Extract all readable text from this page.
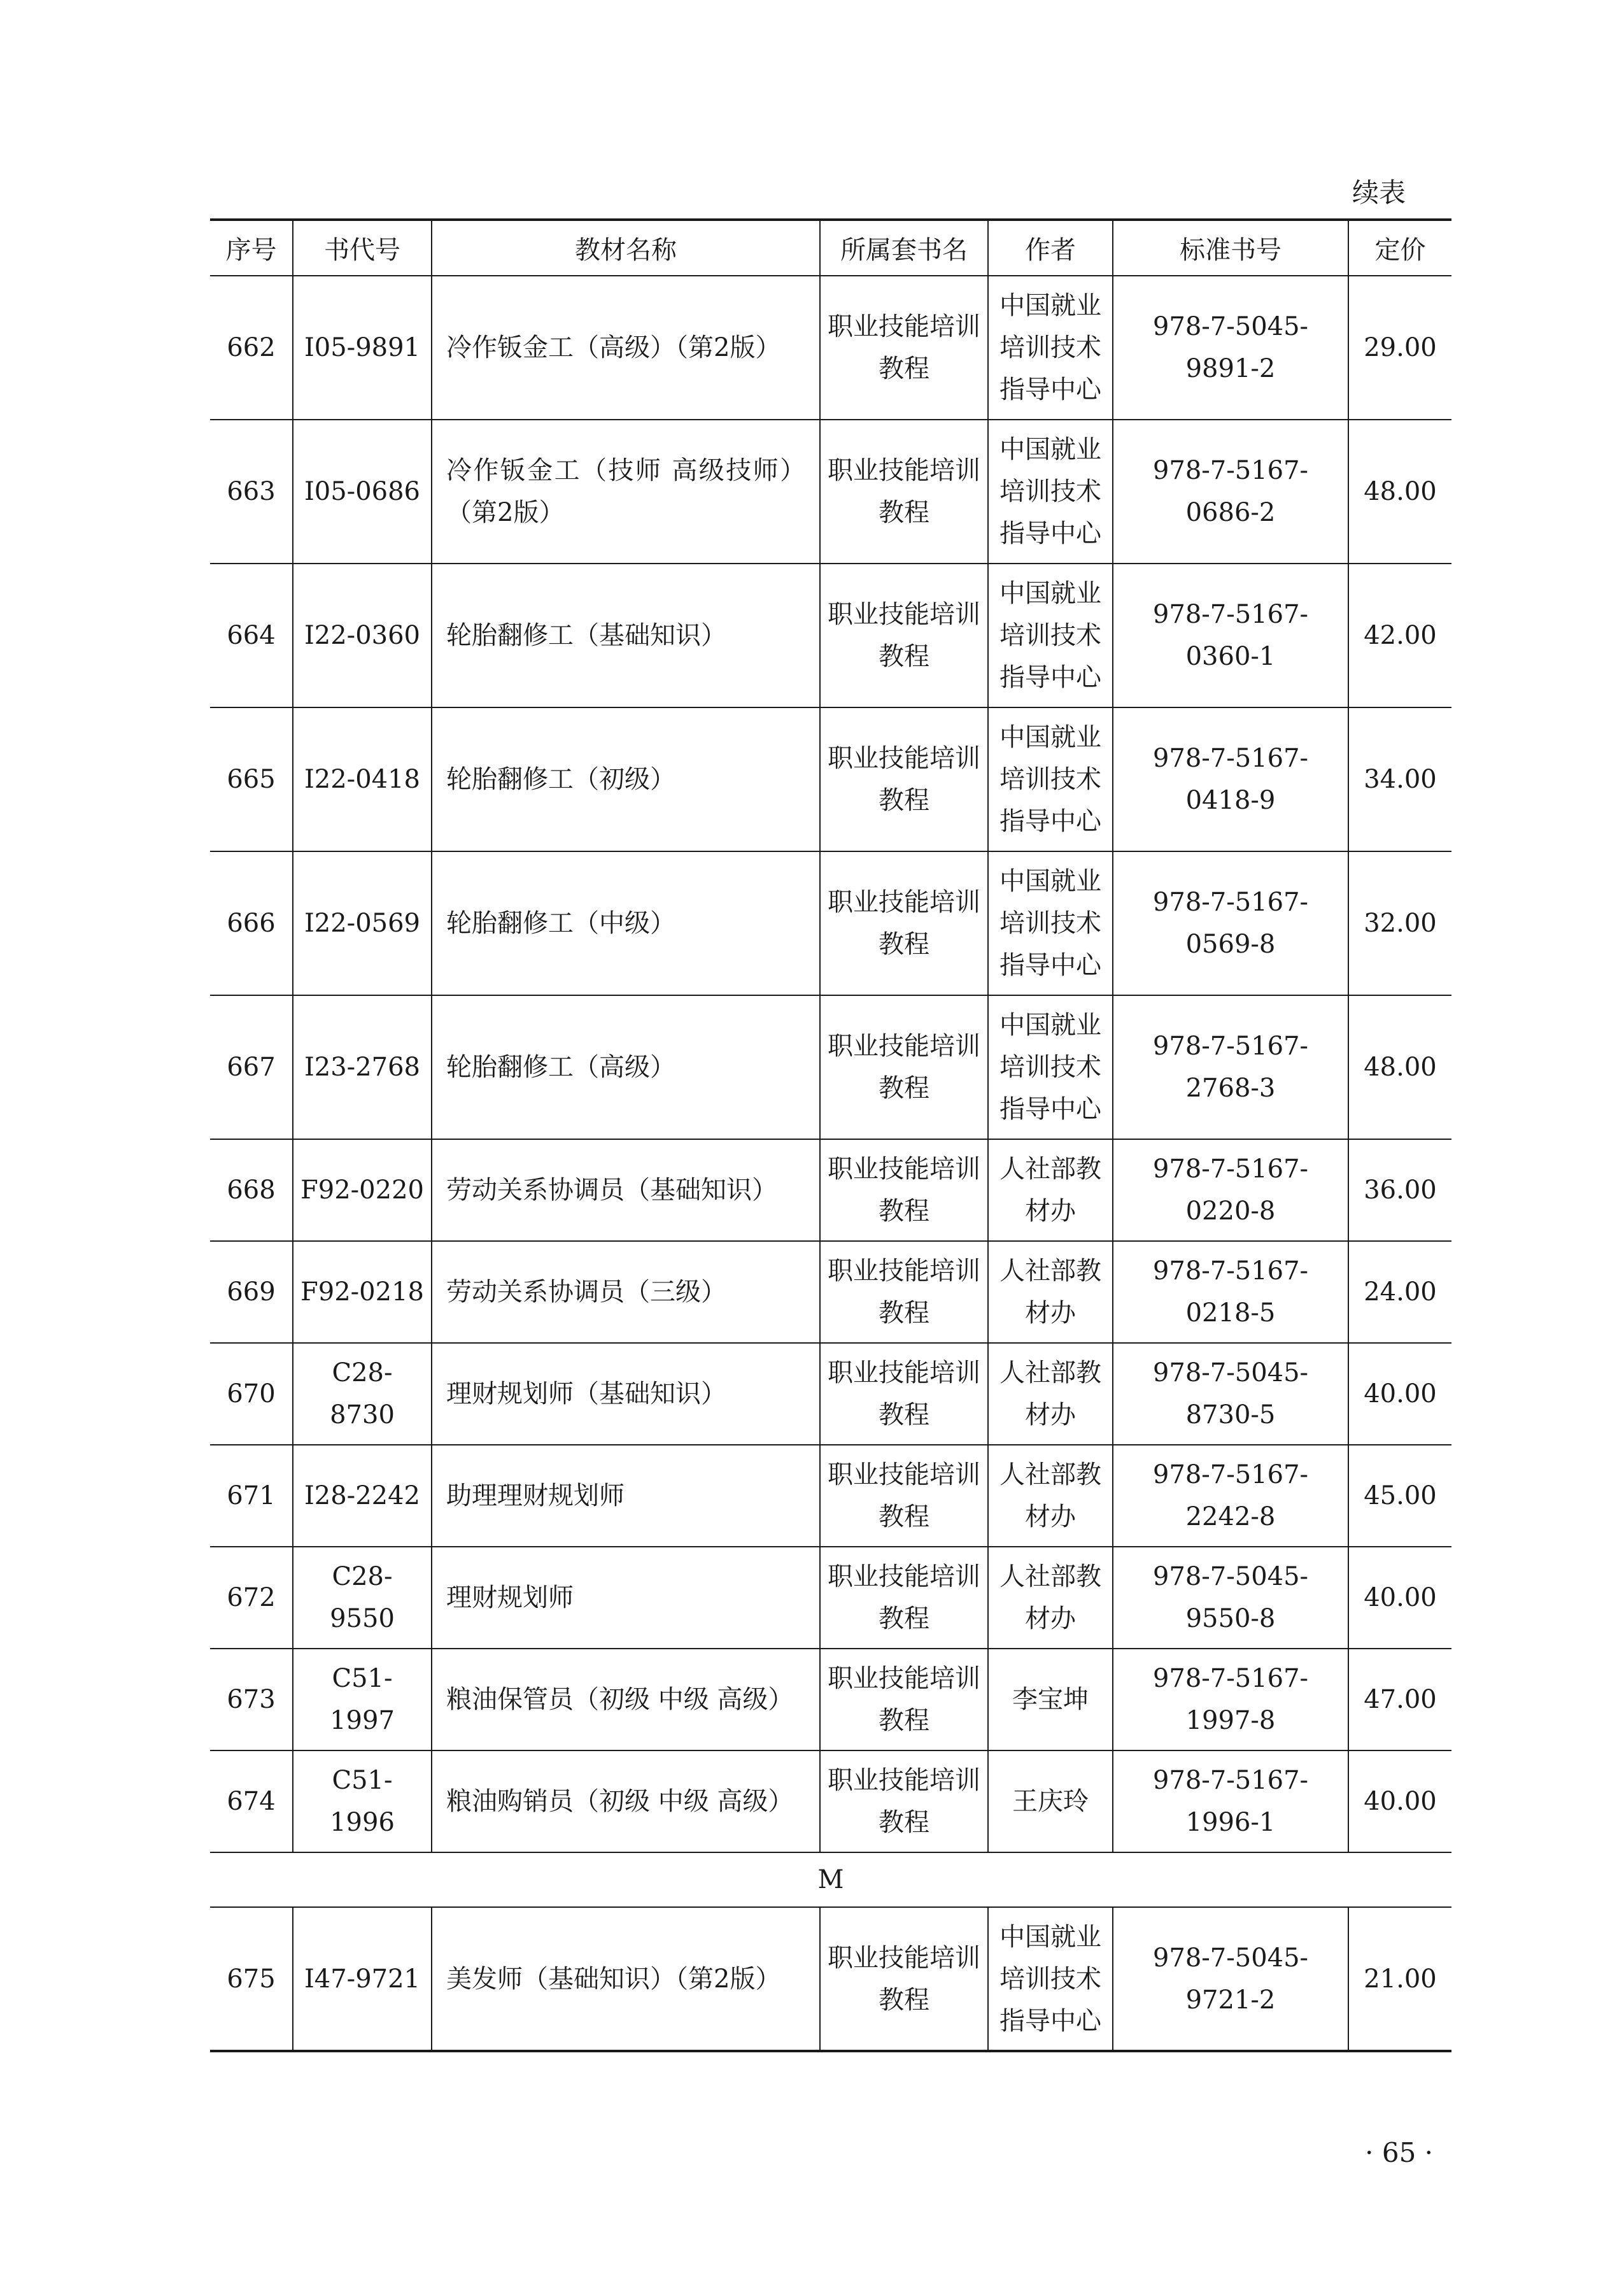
续表
序号	书代号	教材名称	所属套书名	作者	标准书号	定价
662	I05-9891	冷作钣金工（高级）（第2版）	职业技能培训教程	中国就业培训技术指导中心	978-7-5045-9891-2	29.00
663	I05-0686	冷作钣金工（技师 高级技师）（第2版）	职业技能培训教程	中国就业培训技术指导中心	978-7-5167-0686-2	48.00
664	I22-0360	轮胎翻修工（基础知识）	职业技能培训教程	中国就业培训技术指导中心	978-7-5167-0360-1	42.00
665	I22-0418	轮胎翻修工（初级）	职业技能培训教程	中国就业培训技术指导中心	978-7-5167-0418-9	34.00
666	I22-0569	轮胎翻修工（中级）	职业技能培训教程	中国就业培训技术指导中心	978-7-5167-0569-8	32.00
667	I23-2768	轮胎翻修工（高级）	职业技能培训教程	中国就业培训技术指导中心	978-7-5167-2768-3	48.00
668	F92-0220	劳动关系协调员（基础知识）	职业技能培训教程	人社部教材办	978-7-5167-0220-8	36.00
669	F92-0218	劳动关系协调员（三级）	职业技能培训教程	人社部教材办	978-7-5167-0218-5	24.00
670	C28-8730	理财规划师（基础知识）	职业技能培训教程	人社部教材办	978-7-5045-8730-5	40.00
671	I28-2242	助理理财规划师	职业技能培训教程	人社部教材办	978-7-5167-2242-8	45.00
672	C28-9550	理财规划师	职业技能培训教程	人社部教材办	978-7-5045-9550-8	40.00
673	C51-1997	粮油保管员（初级 中级 高级）	职业技能培训教程	李宝坤	978-7-5167-1997-8	47.00
674	C51-1996	粮油购销员（初级 中级 高级）	职业技能培训教程	王庆玲	978-7-5167-1996-1	40.00
M						
675	I47-9721	美发师（基础知识）（第2版）	职业技能培训教程	中国就业培训技术指导中心	978-7-5045-9721-2	21.00
· 65 ·
